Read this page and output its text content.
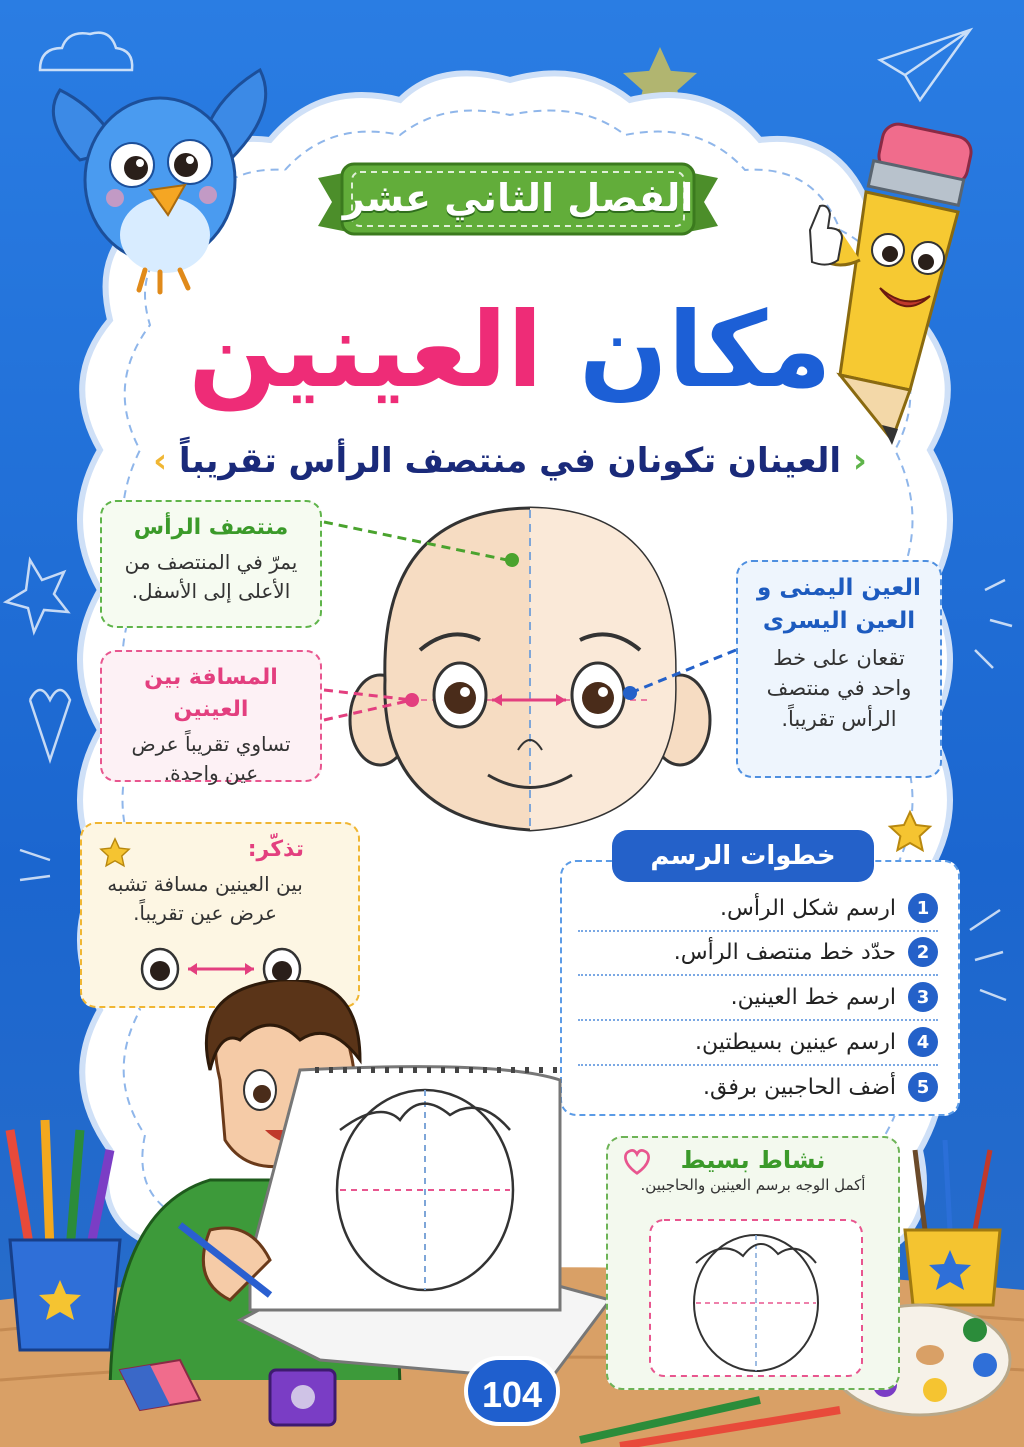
الفصل الثاني عشر
مكان العينين
‹ العينان تكونان في منتصف الرأس تقريباً ›
منتصف الرأس

يمرّ في المنتصف من الأعلى إلى الأسفل.

المسافة بين العينين

تساوي تقريباً عرض عين واحدة.

العين اليمنى و العين اليسرى

تقعان على خط واحد في منتصف الرأس تقريباً.

تذكّر:

بين العينين مسافة تشبه عرض عين تقريباً.

خطوات الرسم
1
ارسم شكل الرأس.
2
حدّد خط منتصف الرأس.
3
ارسم خط العينين.
4
ارسم عينين بسيطتين.
5
أضف الحاجبين برفق.
نشاط بسيط

أكمل الوجه برسم العينين والحاجبين.

104
